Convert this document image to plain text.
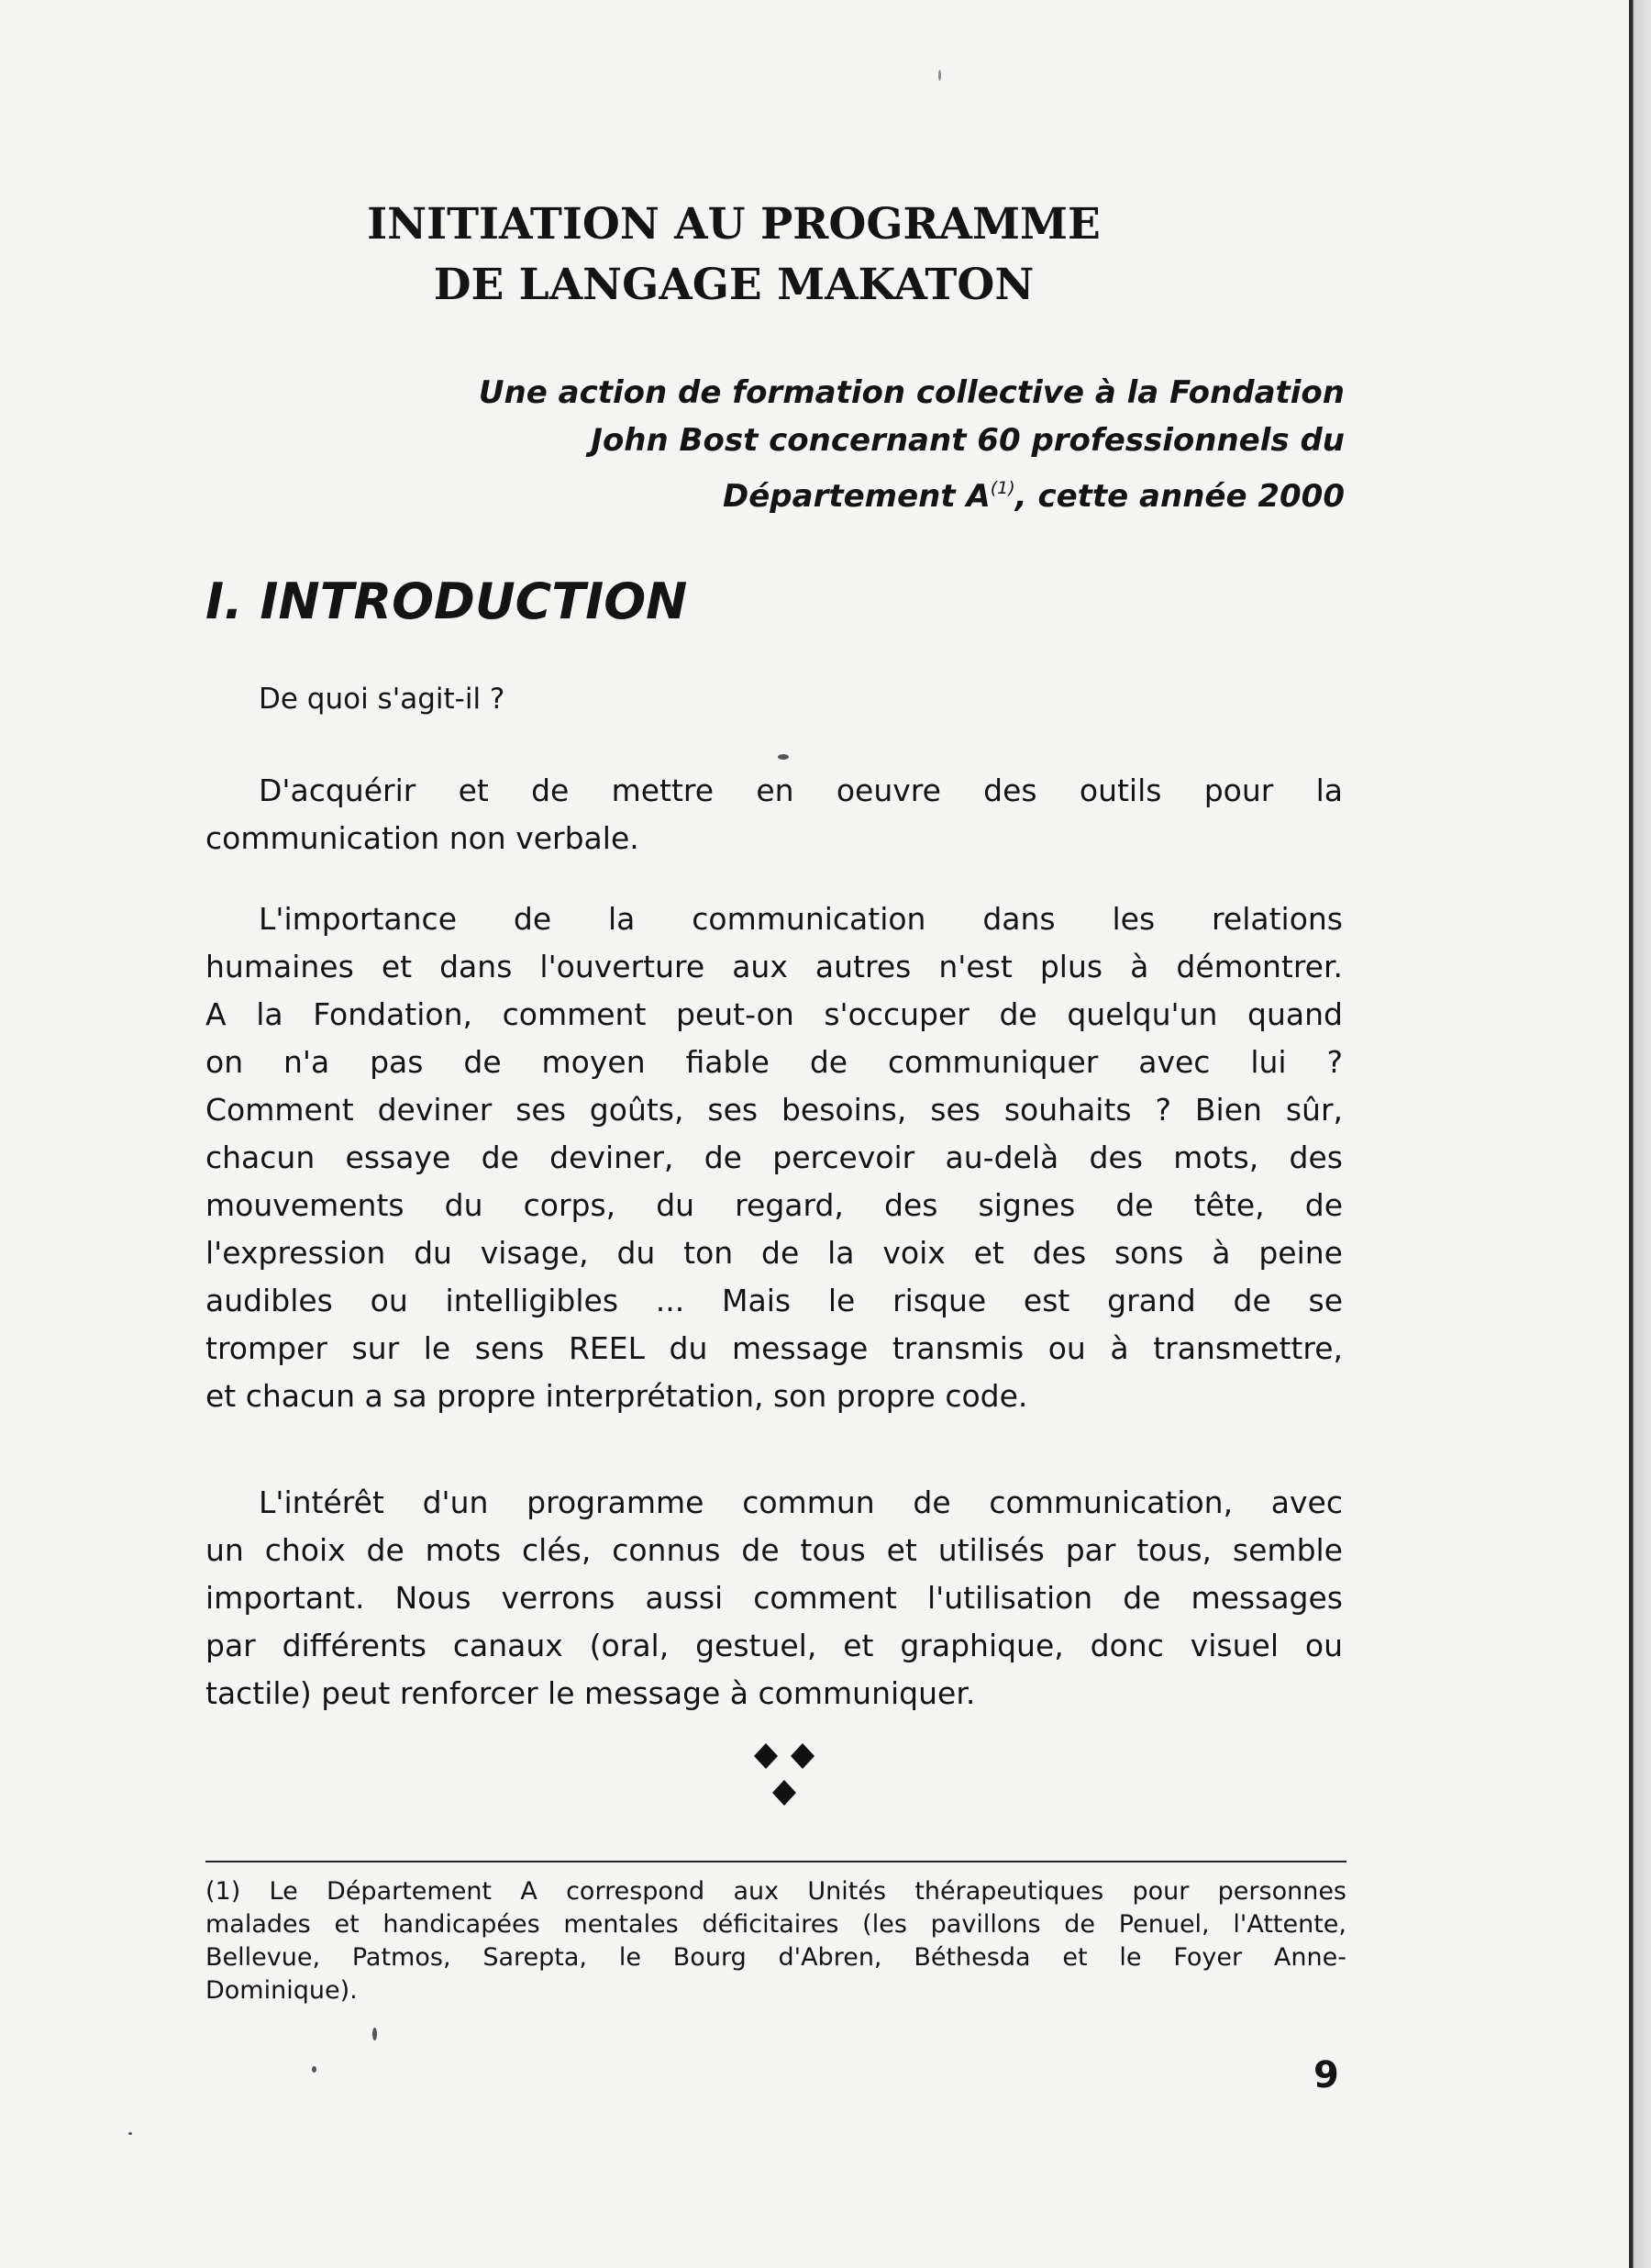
INITIATION AU PROGRAMME
DE LANGAGE MAKATON
Une action de formation collective à la Fondation
John Bost concernant 60 professionnels du
Département $A^{(1)}$, cette année 2000
I. INTRODUCTION

De quoi s'agit-il ?

D'acquérir et de mettre en oeuvre des outils pour la
communication non verbale.
L'importance de la communication dans les relations
humaines et dans l'ouverture aux autres n'est plus à démontrer.
A la Fondation, comment peut-on s'occuper de quelqu'un quand
on n'a pas de moyen fiable de communiquer avec lui ?
Comment deviner ses goûts, ses besoins, ses souhaits ? Bien sûr,
chacun essaye de deviner, de percevoir au-delà des mots, des
mouvements du corps, du regard, des signes de tête, de
l'expression du visage, du ton de la voix et des sons à peine
audibles ou intelligibles ... Mais le risque est grand de se
tromper sur le sens REEL du message transmis ou à transmettre,
et chacun a sa propre interprétation, son propre code.
L'intérêt d'un programme commun de communication, avec
un choix de mots clés, connus de tous et utilisés par tous, semble
important. Nous verrons aussi comment l'utilisation de messages
par différents canaux (oral, gestuel, et graphique, donc visuel ou
tactile) peut renforcer le message à communiquer.
(1) Le Département A correspond aux Unités thérapeutiques pour personnes
malades et handicapées mentales déficitaires (les pavillons de Penuel, l'Attente,
Bellevue, Patmos, Sarepta, le Bourg d'Abren, Béthesda et le Foyer Anne-
Dominique).
9
